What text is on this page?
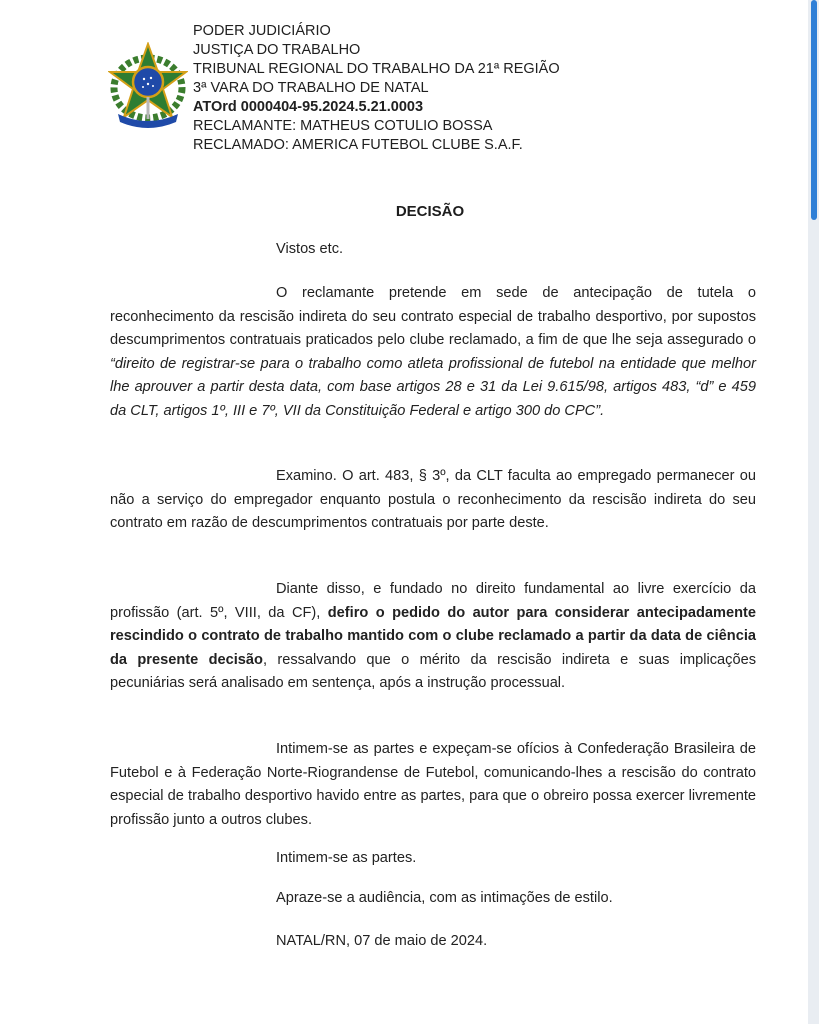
PODER JUDICIÁRIO
JUSTIÇA DO TRABALHO
TRIBUNAL REGIONAL DO TRABALHO DA 21ª REGIÃO
3ª VARA DO TRABALHO DE NATAL
ATOrd 0000404-95.2024.5.21.0003
RECLAMANTE: MATHEUS COTULIO BOSSA
RECLAMADO: AMERICA FUTEBOL CLUBE S.A.F.
DECISÃO
Vistos etc.
O reclamante pretende em sede de antecipação de tutela o reconhecimento da rescisão indireta do seu contrato especial de trabalho desportivo, por supostos descumprimentos contratuais praticados pelo clube reclamado, a fim de que lhe seja assegurado o “direito de registrar-se para o trabalho como atleta profissional de futebol na entidade que melhor lhe aprouver a partir desta data, com base artigos 28 e 31 da Lei 9.615/98, artigos 483, “d” e 459 da CLT, artigos 1º, III e 7º, VII da Constituição Federal e artigo 300 do CPC”.
Examino. O art. 483, § 3º, da CLT faculta ao empregado permanecer ou não a serviço do empregador enquanto postula o reconhecimento da rescisão indireta do seu contrato em razão de descumprimentos contratuais por parte deste.
Diante disso, e fundado no direito fundamental ao livre exercício da profissão (art. 5º, VIII, da CF), defiro o pedido do autor para considerar antecipadamente rescindido o contrato de trabalho mantido com o clube reclamado a partir da data de ciência da presente decisão, ressalvando que o mérito da rescisão indireta e suas implicações pecuniárias será analisado em sentença, após a instrução processual.
Intimem-se as partes e expeçam-se ofícios à Confederação Brasileira de Futebol e à Federação Norte-Riograndense de Futebol, comunicando-lhes a rescisão do contrato especial de trabalho desportivo havido entre as partes, para que o obreiro possa exercer livremente profissão junto a outros clubes.
Intimem-se as partes.
Apraze-se a audiência, com as intimações de estilo.
NATAL/RN, 07 de maio de 2024.
